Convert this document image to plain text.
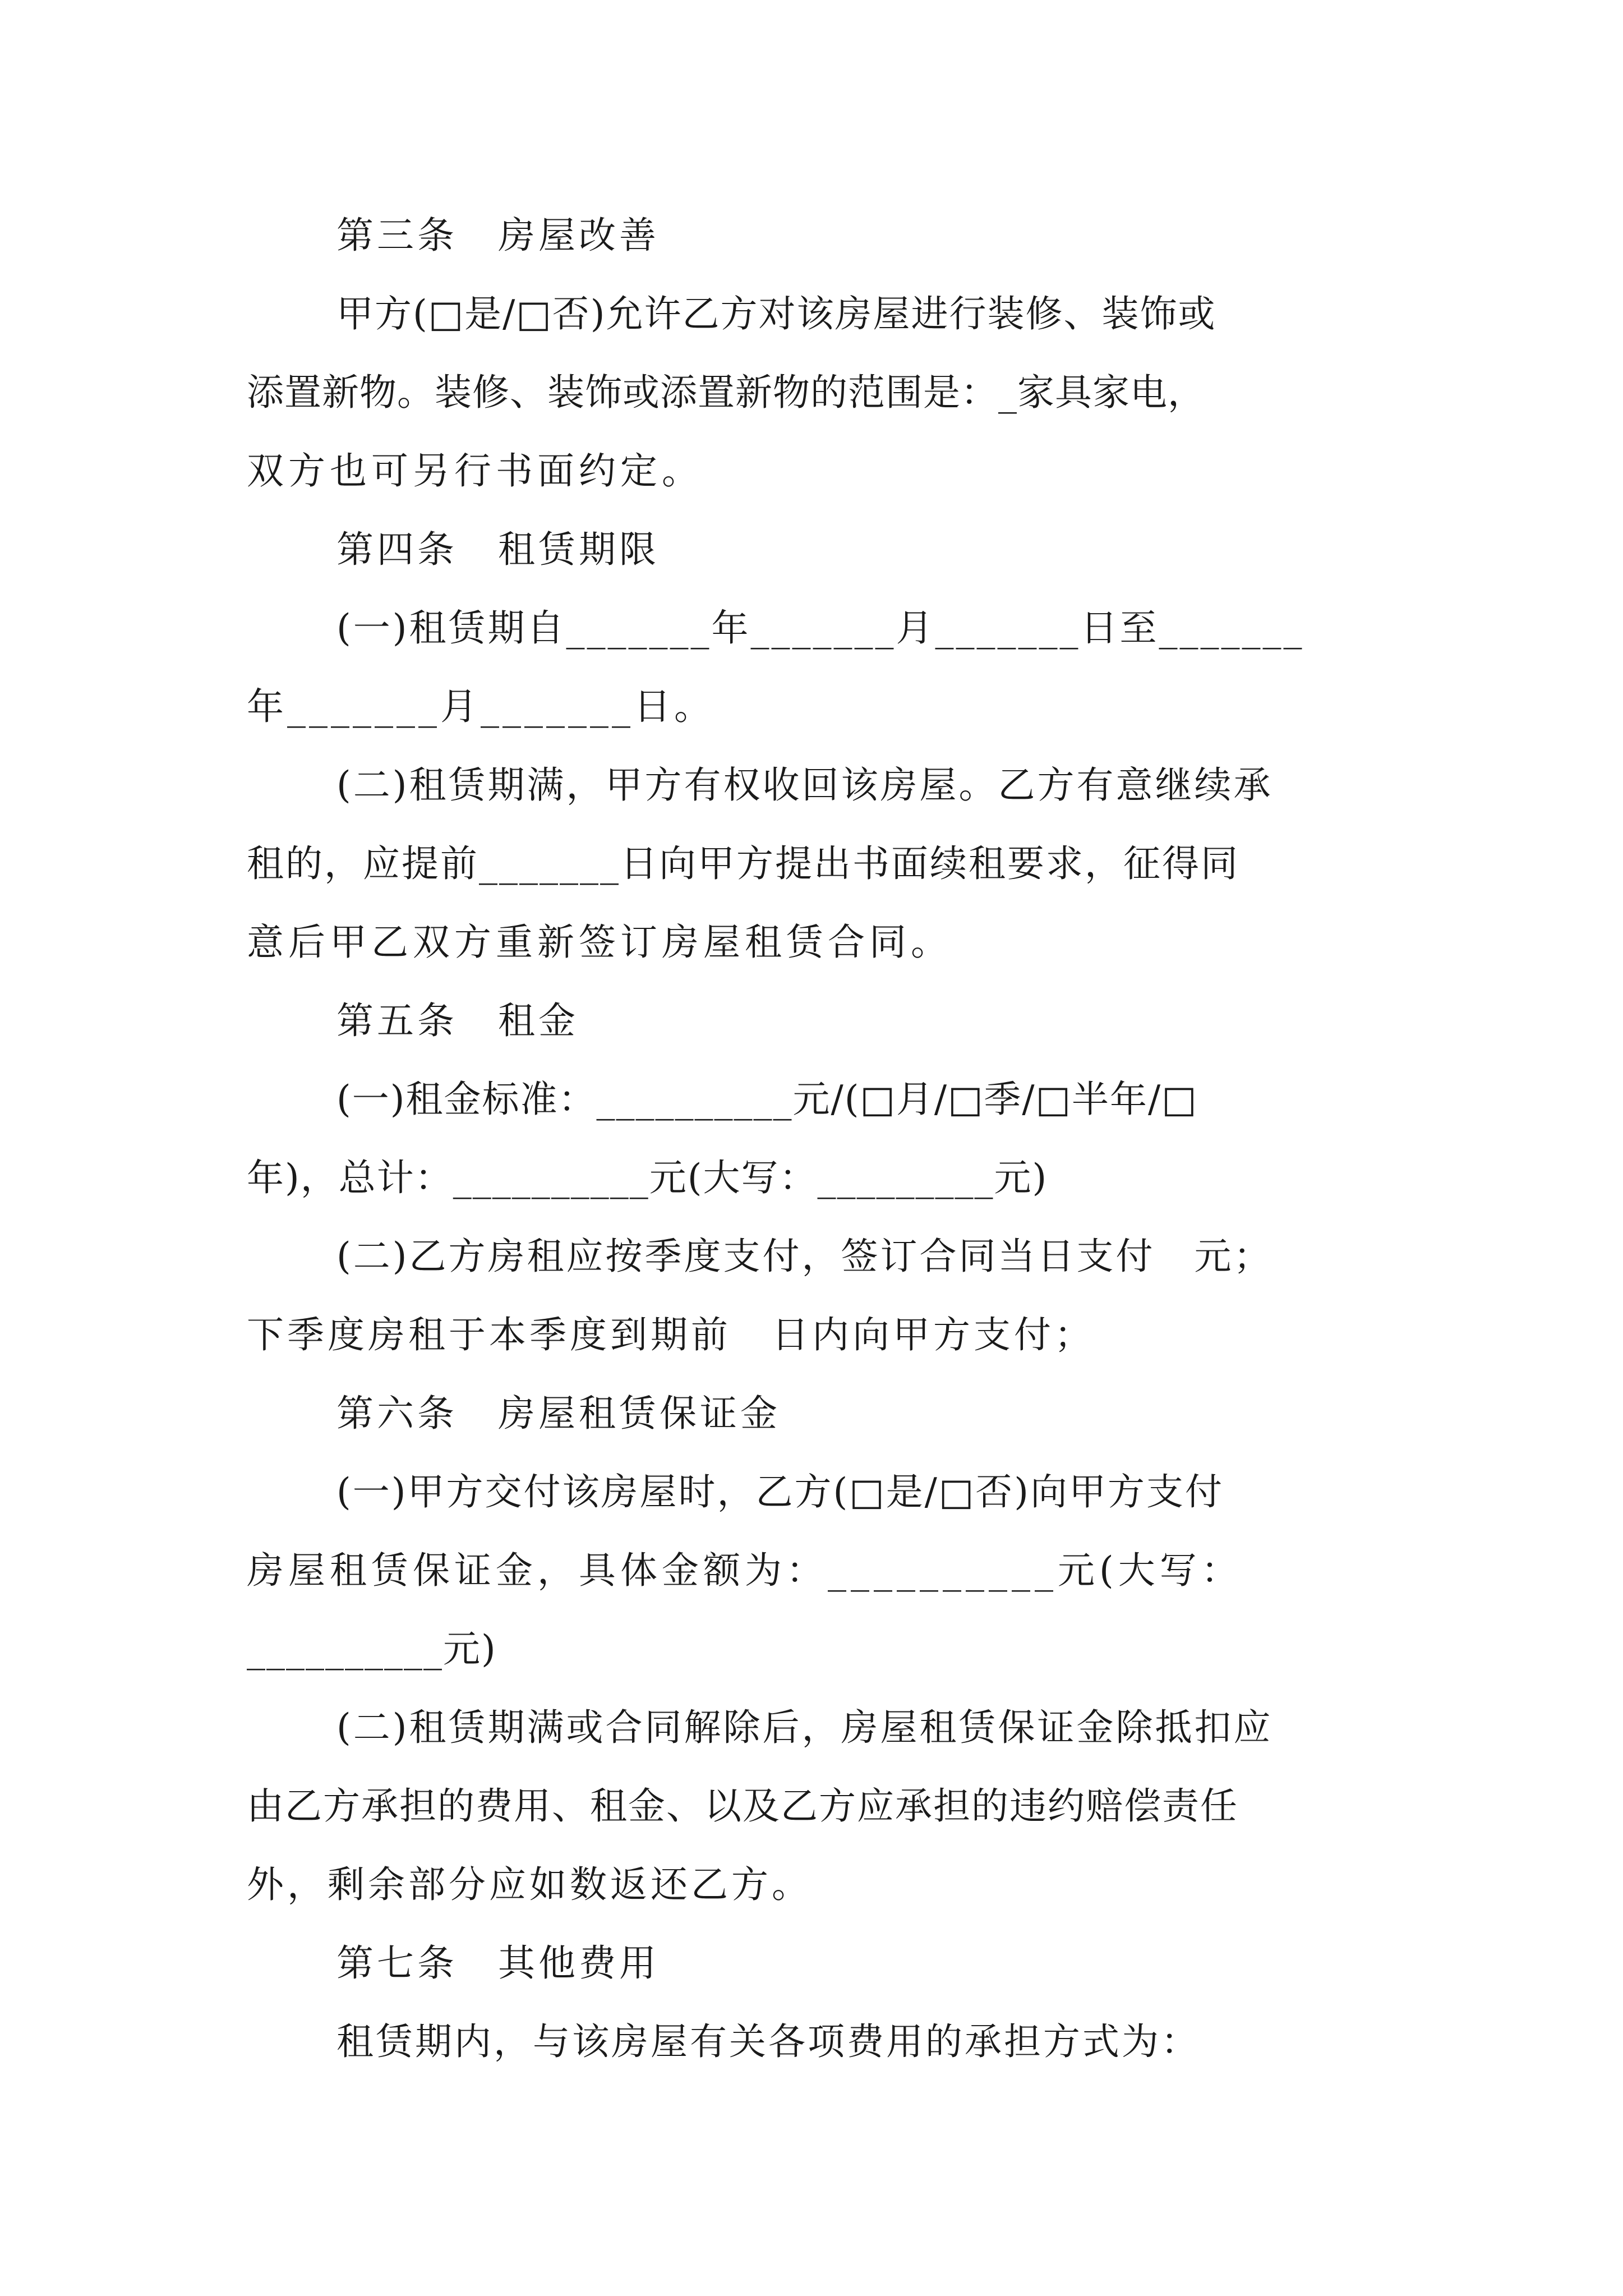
第三条　房屋改善
甲方(□是/□否)允许乙方对该房屋进行装修、装饰或
添置新物。装修、装饰或添置新物的范围是：_家具家电，
双方也可另行书面约定。
第四条　租赁期限
(一)租赁期自_______年_______月_______日至_______
年_______月_______日。
(二)租赁期满，甲方有权收回该房屋。乙方有意继续承
租的，应提前_______日向甲方提出书面续租要求，征得同
意后甲乙双方重新签订房屋租赁合同。
第五条　租金
(一)租金标准：__________元/(□月/□季/□半年/□
年)，总计：__________元(大写：_________元)
(二)乙方房租应按季度支付，签订合同当日支付　元；
下季度房租于本季度到期前　日内向甲方支付；
第六条　房屋租赁保证金
(一)甲方交付该房屋时，乙方(□是/□否)向甲方支付
房屋租赁保证金，具体金额为：__________元(大写：
__________元)
(二)租赁期满或合同解除后，房屋租赁保证金除抵扣应
由乙方承担的费用、租金、以及乙方应承担的违约赔偿责任
外，剩余部分应如数返还乙方。
第七条　其他费用
租赁期内，与该房屋有关各项费用的承担方式为：
